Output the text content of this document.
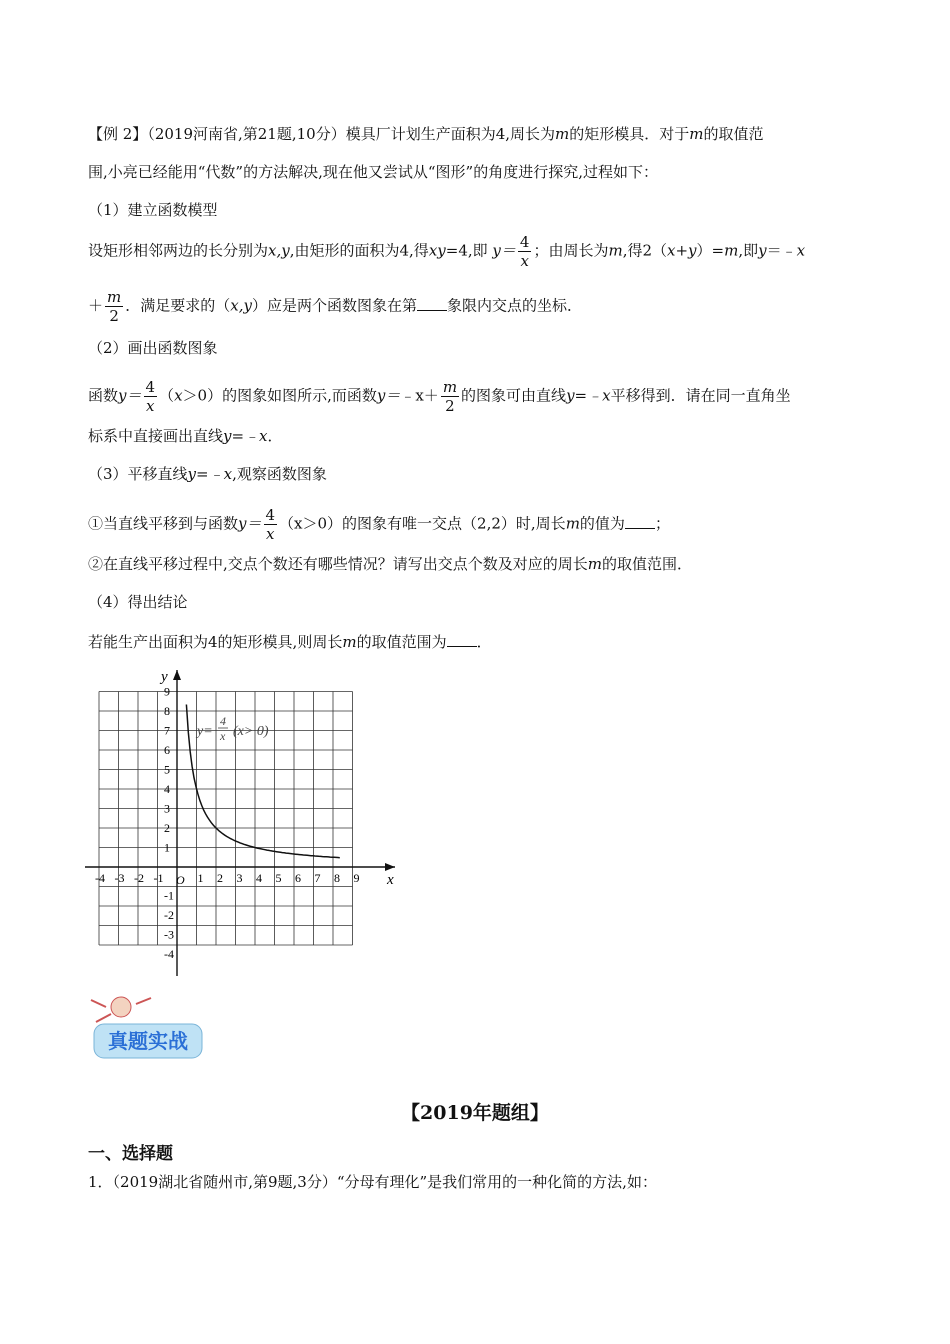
【例 2】（2019河南省,第21题,10分）模具厂计划生产面积为4,周长为m的矩形模具．对于m的取值范
围,小亮已经能用“代数”的方法解决,现在他又尝试从“图形”的角度进行探究,过程如下：
（1）建立函数模型
设矩形相邻两边的长分别为x,y,由矩形的面积为4,得xy=4,即 $y= \frac{4}{x}$ ；由周长为m,得2（x+y）=m,即y＝﹣x
＋ $\frac{m}{2}$ ．满足要求的（x,y）应是两个函数图象在第 象限内交点的坐标．
（2）画出函数图象
函数$y= \frac{4}{x} (x>0)$的图象如图所示,而函数y＝﹣x＋ $\frac{m}{2}$ 的图象可由直线y=﹣x平移得到．请在同一直角坐
标系中直接画出直线y=﹣x．
（3）平移直线y=﹣x,观察函数图象
①当直线平移到与函数$y= \frac{4}{x} (x>0)$的图象有唯一交点（2,2）时,周长m的值为 ；
②在直线平移过程中,交点个数还有哪些情况？请写出交点个数及对应的周长m的取值范围．
（4）得出结论
若能生产出面积为4的矩形模具,则周长m的取值范围为 ．
x
y
-4 -3 -2 -1	1 2 3 4 5 6 7 8 9
9
8
7
6
5
4
3
2
1
-1
-2
-3
-4
O
y=
4
x (x> 0)
真题实战
【2019年题组】
一、选择题
1．（2019湖北省随州市,第9题,3分）“分母有理化”是我们常用的一种化简的方法,如：
